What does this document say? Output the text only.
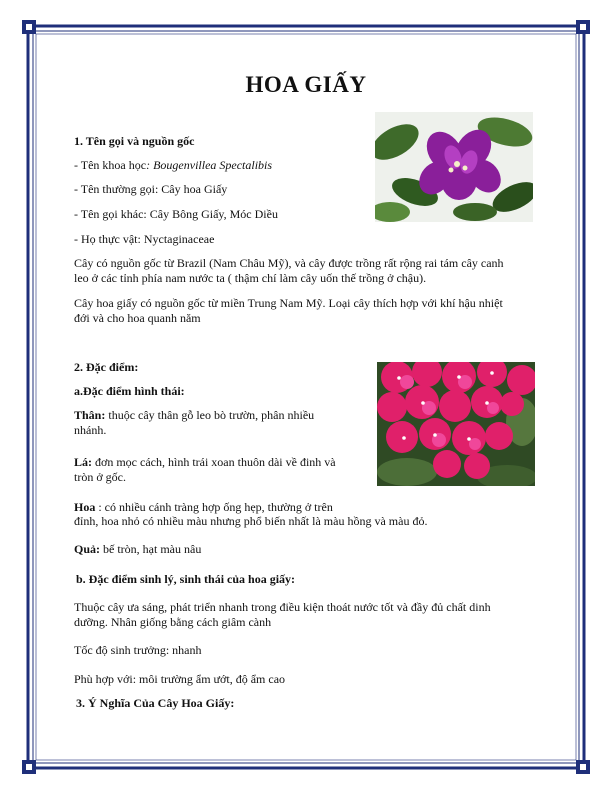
HOA GIẤY
1. Tên gọi và nguồn gốc
- Tên khoa học: Bougenvillea Spectalibis
- Tên thường gọi: Cây hoa Giấy
- Tên gọi khác: Cây Bông Giấy, Móc Diều
- Họ thực vật: Nyctaginaceae
Cây có nguồn gốc từ Brazil (Nam Châu Mỹ), và cây được trồng rất rộng rai tám cây canh
leo ở các tỉnh phía nam nước ta ( thậm chí làm cây uốn thế trồng ở chậu).
Cây hoa giấy có nguồn gốc từ miền Trung Nam Mỹ. Loại cây thích hợp với khí hậu nhiệt
đới và cho hoa quanh năm
2. Đặc điểm:
a.Đặc điểm hình thái:
Thân: thuộc cây thân gỗ leo bò trườn, phân nhiều
nhánh.
Lá: đơn mọc cách, hình trái xoan thuôn dài về đinh và
tròn ở gốc.
Hoa : có nhiều cánh tràng hợp ống hẹp, thường ở trên
đỉnh, hoa nhỏ có nhiều màu nhưng phổ biến nhất là màu hồng và màu đỏ.
Quả: bế tròn, hạt màu nâu
b. Đặc điểm sinh lý, sinh thái của hoa giấy:
Thuộc cây ưa sáng, phát triển nhanh trong điều kiện thoát nước tốt và đầy đủ chất dinh
dưỡng. Nhân giống bằng cách giâm cành
Tốc độ sinh trưởng: nhanh
Phù hợp với: môi trường ẩm ướt, độ ẩm cao
3. Ý Nghĩa Của Cây Hoa Giấy:
